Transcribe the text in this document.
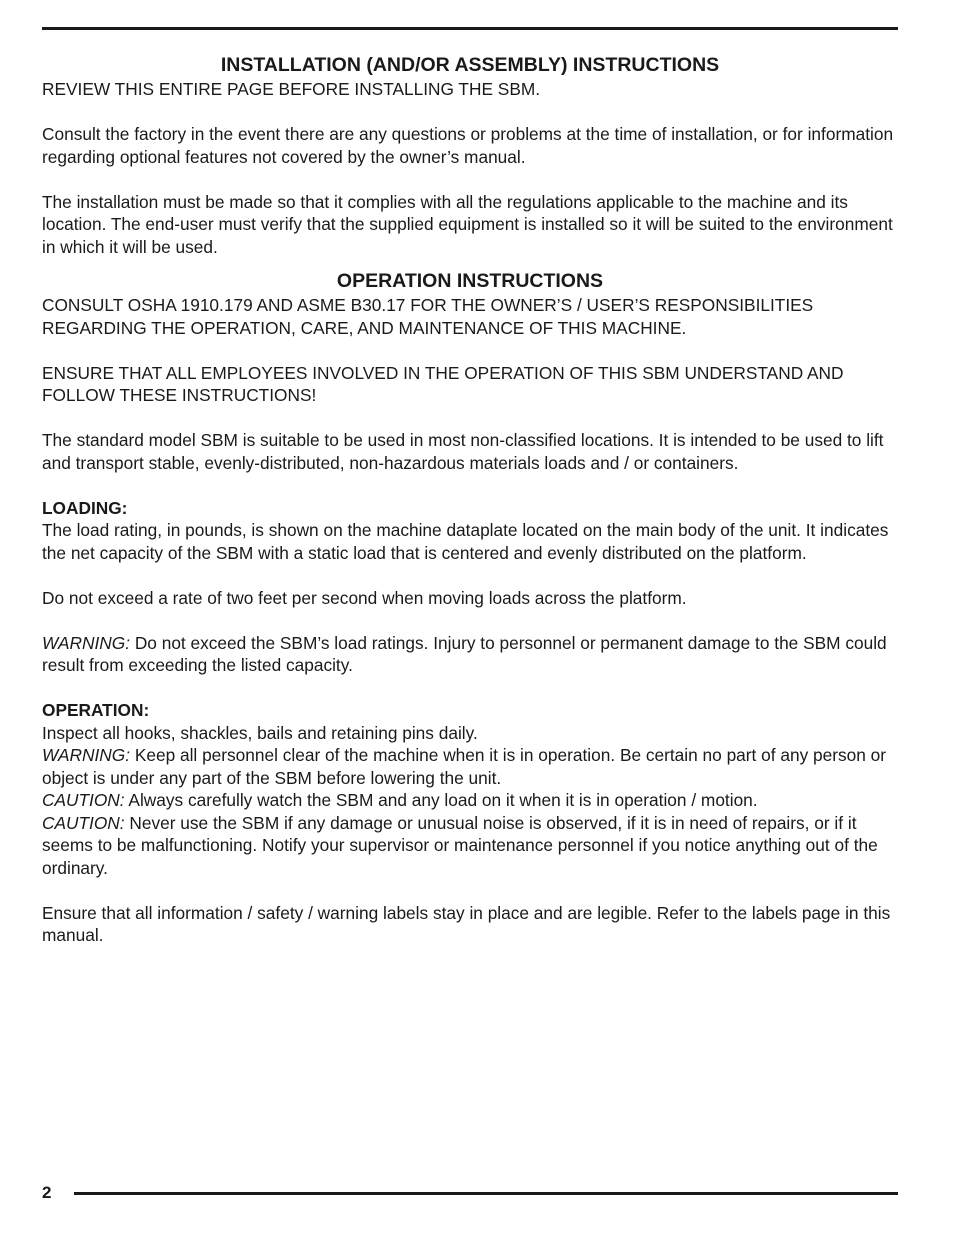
INSTALLATION (AND/OR ASSEMBLY) INSTRUCTIONS

REVIEW THIS ENTIRE PAGE BEFORE INSTALLING THE SBM.

Consult the factory in the event there are any questions or problems at the time of installation, or for information regarding optional features not covered by the owner’s manual.

The installation must be made so that it complies with all the regulations applicable to the machine and its location. The end-user must verify that the supplied equipment is installed so it will be suited to the environment in which it will be used.

OPERATION INSTRUCTIONS

CONSULT OSHA 1910.179 AND ASME B30.17 FOR THE OWNER’S / USER’S RESPONSIBILITIES REGARDING THE OPERATION, CARE, AND MAINTENANCE OF THIS MACHINE.

ENSURE THAT ALL EMPLOYEES INVOLVED IN THE OPERATION OF THIS SBM UNDERSTAND AND FOLLOW THESE INSTRUCTIONS!

The standard model SBM is suitable to be used in most non-classified locations. It is intended to be used to lift and transport stable, evenly-distributed, non-hazardous materials loads and / or containers.

LOADING:

The load rating, in pounds, is shown on the machine dataplate located on the main body of the unit. It indicates the net capacity of the SBM with a static load that is centered and evenly distributed on the platform.

Do not exceed a rate of two feet per second when moving loads across the platform.

WARNING: Do not exceed the SBM’s load ratings. Injury to personnel or permanent damage to the SBM could result from exceeding the listed capacity.

OPERATION:

Inspect all hooks, shackles, bails and retaining pins daily.

WARNING: Keep all personnel clear of the machine when it is in operation. Be certain no part of any person or object is under any part of the SBM before lowering the unit.

CAUTION: Always carefully watch the SBM and any load on it when it is in operation / motion.

CAUTION: Never use the SBM if any damage or unusual noise is observed, if it is in need of repairs, or if it seems to be malfunctioning. Notify your supervisor or maintenance personnel if you notice anything out of the ordinary.

Ensure that all information / safety / warning labels stay in place and are legible. Refer to the labels page in this manual.

2
